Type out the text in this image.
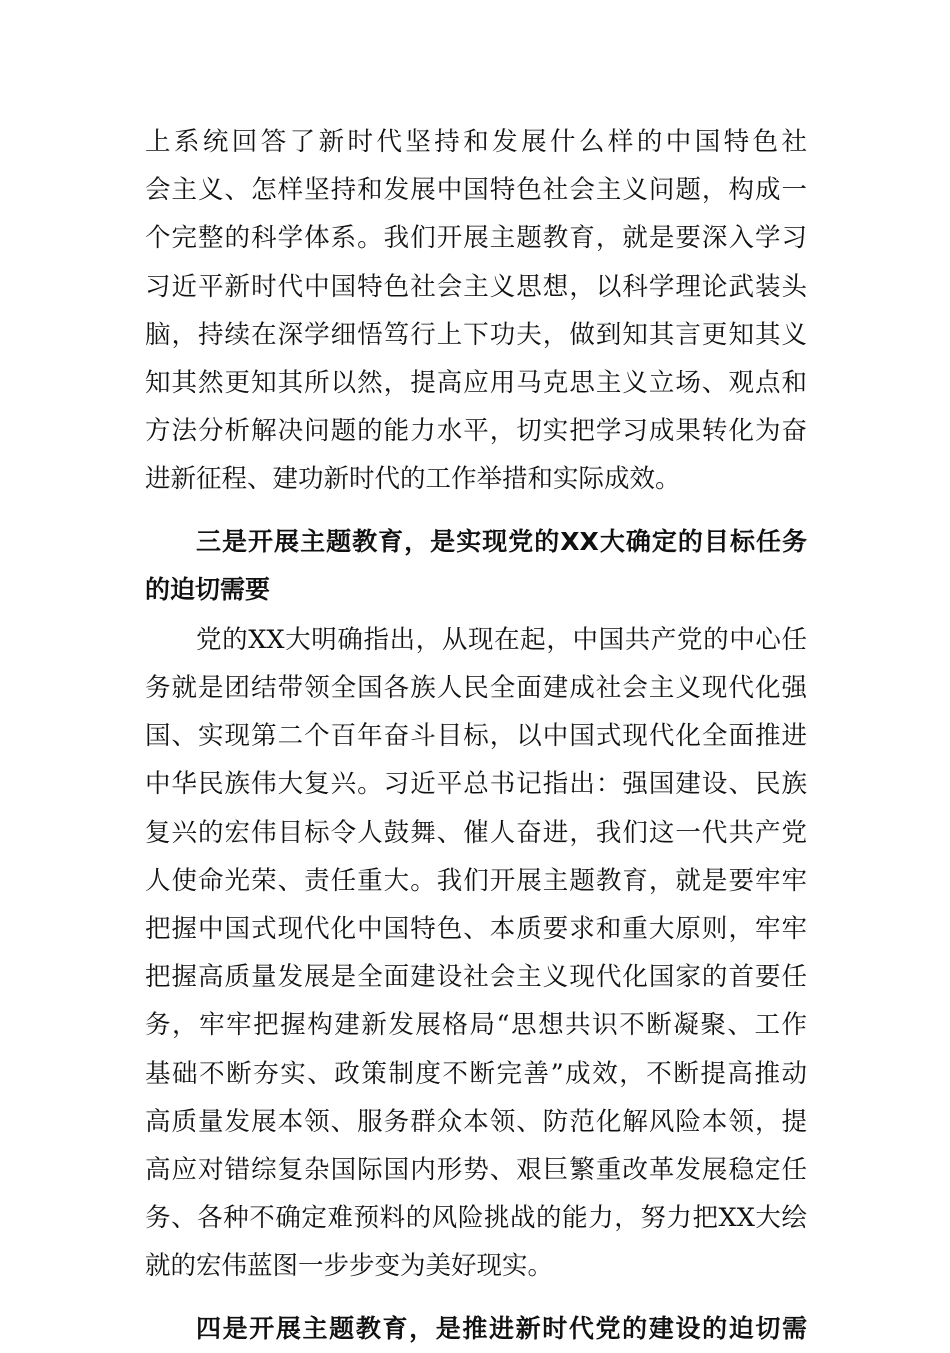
上系统回答了新时代坚持和发展什么样的中国特色社
会主义、怎样坚持和发展中国特色社会主义问题，构成一
个完整的科学体系。我们开展主题教育，就是要深入学习
习近平新时代中国特色社会主义思想，以科学理论武装头
脑，持续在深学细悟笃行上下功夫，做到知其言更知其义
知其然更知其所以然，提高应用马克思主义立场、观点和
方法分析解决问题的能力水平，切实把学习成果转化为奋
进新征程、建功新时代的工作举措和实际成效。
三是开展主题教育，是实现党的XX大确定的目标任务
的迫切需要
党的XX大明确指出，从现在起，中国共产党的中心任
务就是团结带领全国各族人民全面建成社会主义现代化强
国、实现第二个百年奋斗目标，以中国式现代化全面推进
中华民族伟大复兴。习近平总书记指出：强国建设、民族
复兴的宏伟目标令人鼓舞、催人奋进，我们这一代共产党
人使命光荣、责任重大。我们开展主题教育，就是要牢牢
把握中国式现代化中国特色、本质要求和重大原则，牢牢
把握高质量发展是全面建设社会主义现代化国家的首要任
务，牢牢把握构建新发展格局“思想共识不断凝聚、工作
基础不断夯实、政策制度不断完善”成效，不断提高推动
高质量发展本领、服务群众本领、防范化解风险本领，提
高应对错综复杂国际国内形势、艰巨繁重改革发展稳定任
务、各种不确定难预料的风险挑战的能力，努力把XX大绘
就的宏伟蓝图一步步变为美好现实。
四是开展主题教育，是推进新时代党的建设的迫切需
